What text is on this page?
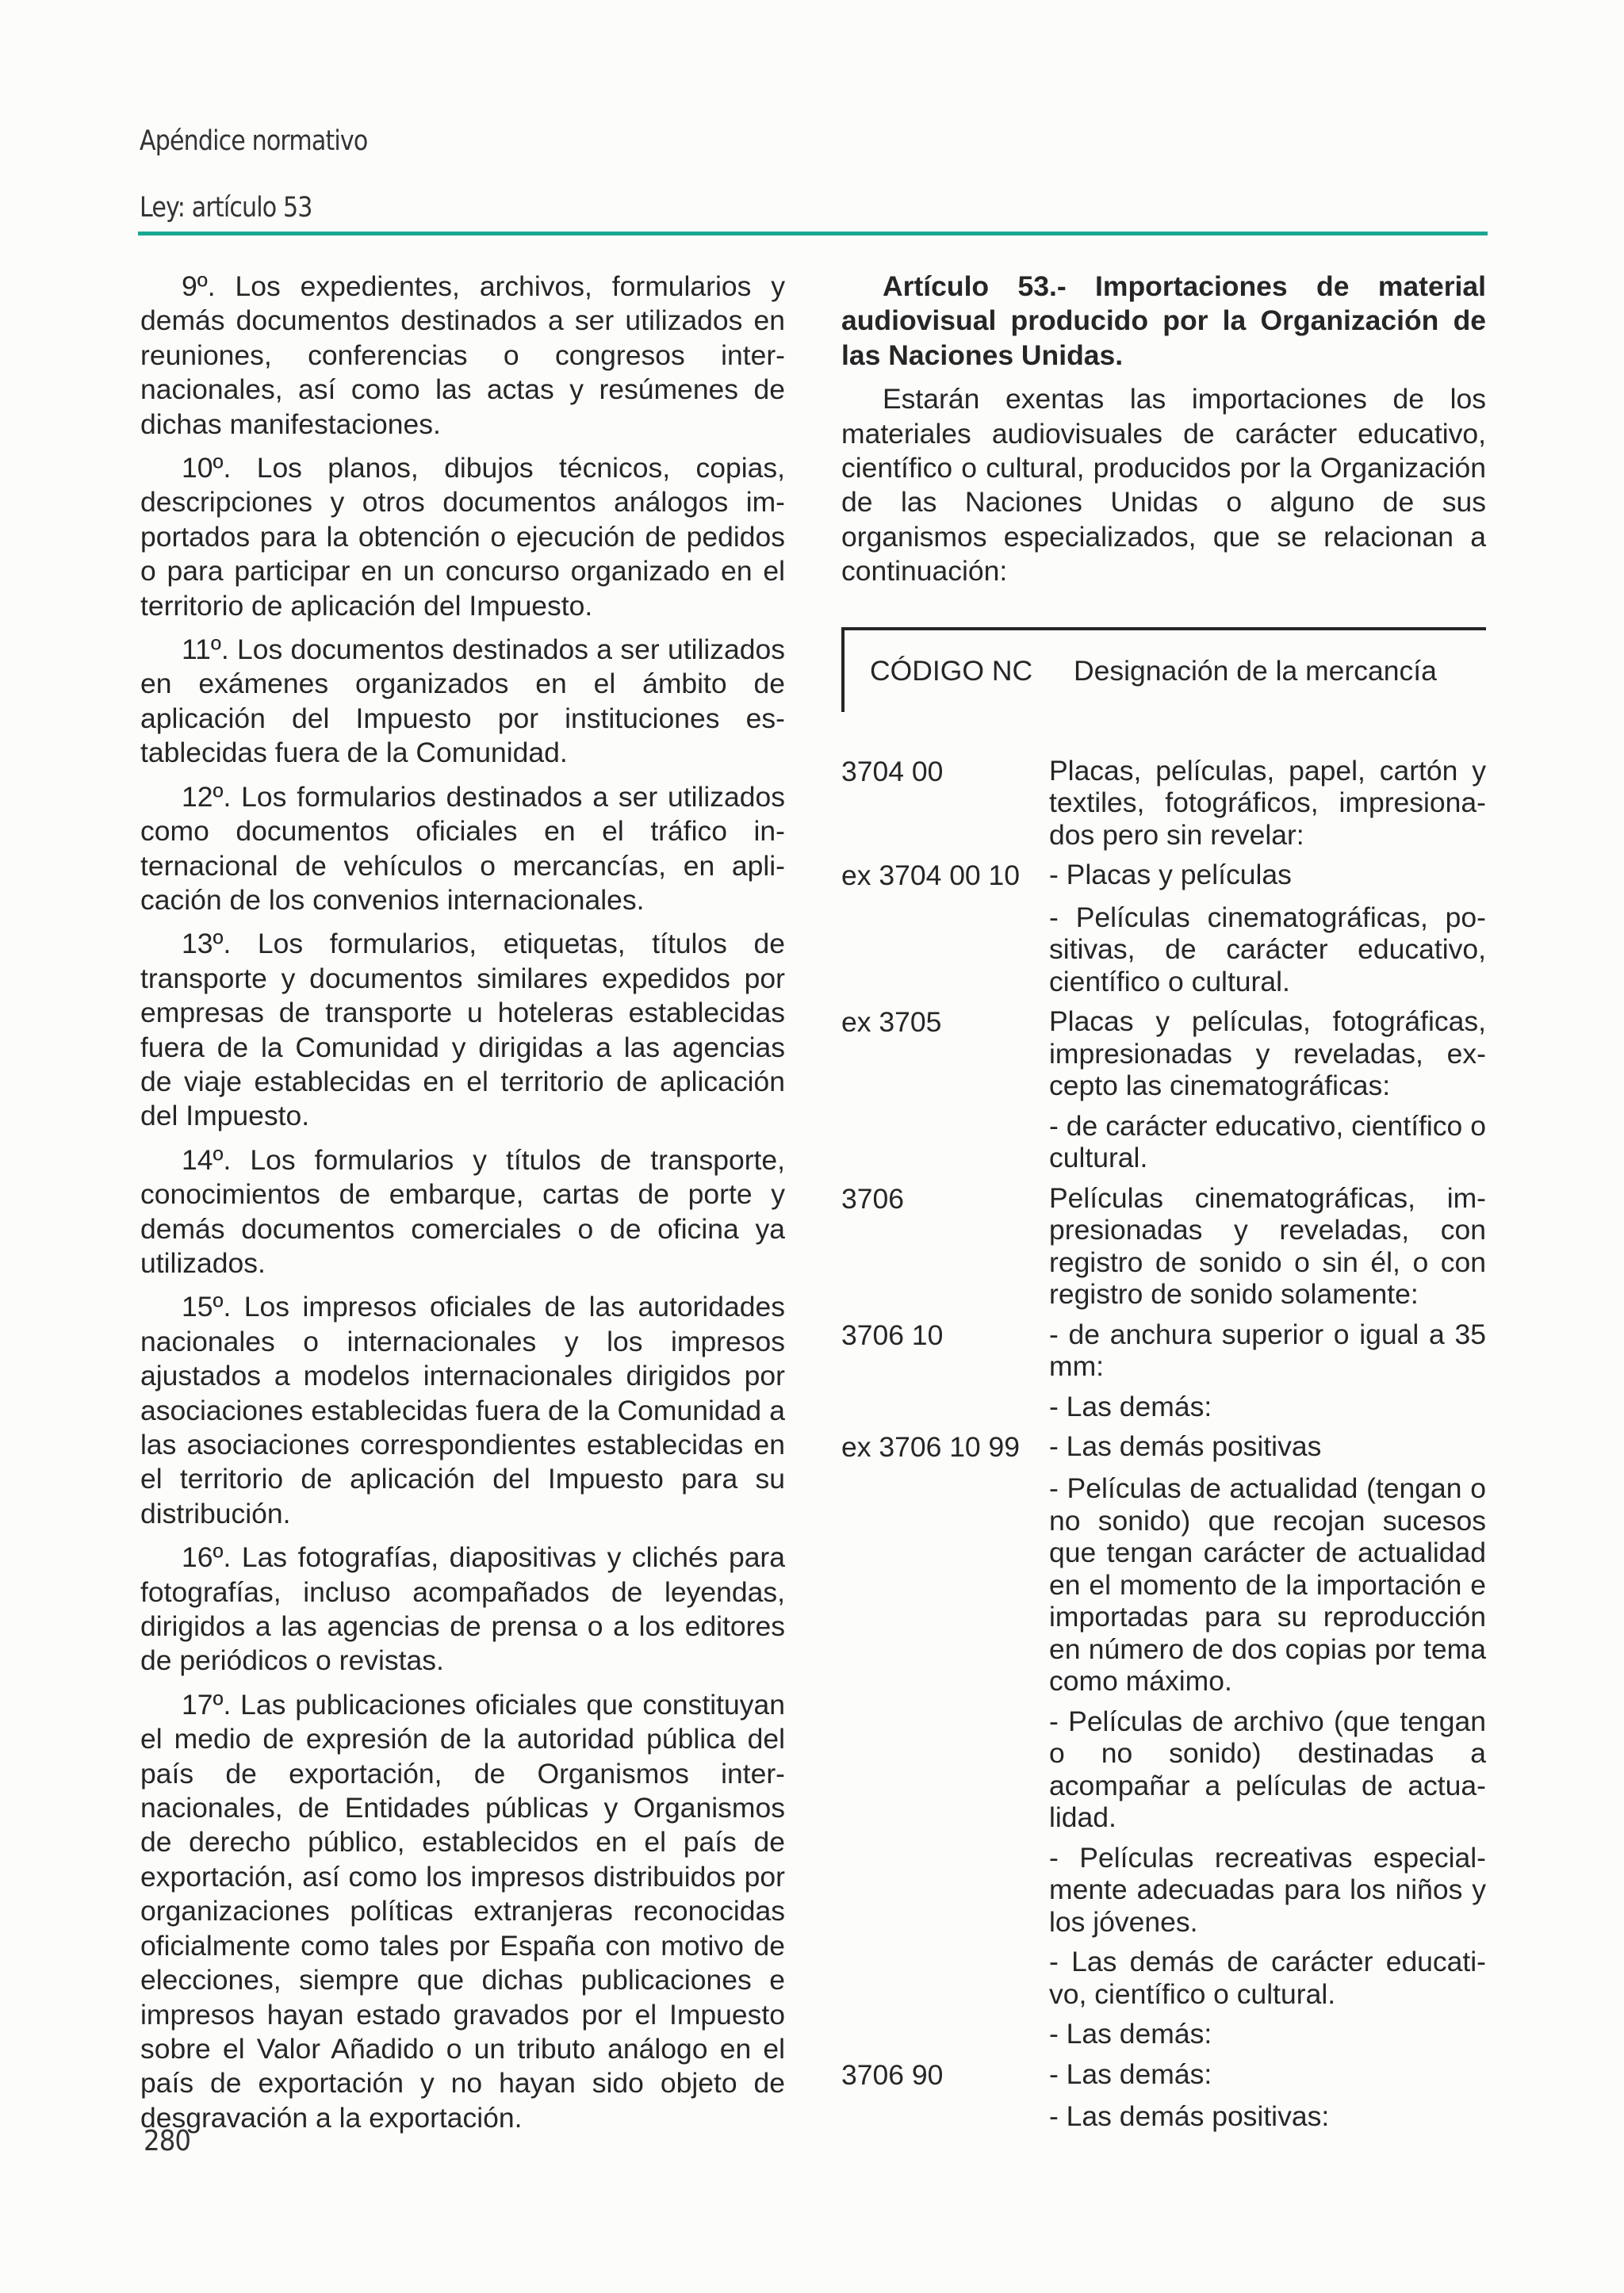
Apéndice normativo
Ley: artículo 53

9º. Los expedientes, archivos, formularios y demás documentos destinados a ser utilizados en reuniones, conferencias o congresos internacionales, así como las actas y resúmenes de dichas manifestaciones.

10º. Los planos, dibujos técnicos, copias, descripciones y otros documentos análogos importados para la obtención o ejecución de pedidos o para participar en un concurso organizado en el territorio de aplicación del Impuesto.

11º. Los documentos destinados a ser utilizados en exámenes organizados en el ámbito de aplicación del Impuesto por instituciones establecidas fuera de la Comunidad.

12º. Los formularios destinados a ser utilizados como documentos oficiales en el tráfico internacional de vehículos o mercancías, en aplicación de los convenios internacionales.

13º. Los formularios, etiquetas, títulos de transporte y documentos similares expedidos por empresas de transporte u hoteleras establecidas fuera de la Comunidad y dirigidas a las agencias de viaje establecidas en el territorio de aplicación del Impuesto.

14º. Los formularios y títulos de transporte, conocimientos de embarque, cartas de porte y demás documentos comerciales o de oficina ya utilizados.

15º. Los impresos oficiales de las autoridades nacionales o internacionales y los impresos ajustados a modelos internacionales dirigidos por asociaciones establecidas fuera de la Comunidad a las asociaciones correspondientes establecidas en el territorio de aplicación del Impuesto para su distribución.

16º. Las fotografías, diapositivas y clichés para fotografías, incluso acompañados de leyendas, dirigidos a las agencias de prensa o a los editores de periódicos o revistas.

17º. Las publicaciones oficiales que constituyan el medio de expresión de la autoridad pública del país de exportación, de Organismos internacionales, de Entidades públicas y Organismos de derecho público, establecidos en el país de exportación, así como los impresos distribuidos por organizaciones políticas extranjeras reconocidas oficialmente como tales por España con motivo de elecciones, siempre que dichas publicaciones e impresos hayan estado gravados por el Impuesto sobre el Valor Añadido o un tributo análogo en el país de exportación y no hayan sido objeto de desgravación a la exportación.

Artículo 53.- Importaciones de material audiovisual producido por la Organización de las Naciones Unidas.

Estarán exentas las importaciones de los materiales audiovisuales de carácter educativo, científico o cultural, producidos por la Organización de las Naciones Unidas o alguno de sus organismos especializados, que se relacionan a continuación:

CÓDIGO NC Designación de la mercancía
3704 00	Placas, películas, papel, cartón y textiles, fotográficos, impresionados pero sin revelar:
ex 3704 00 10	- Placas y películas
- Películas cinematográficas, positivas, de carácter educativo, científico o cultural.
ex 3705	Placas y películas, fotográficas, impresionadas y reveladas, excepto las cinematográficas:
- de carácter educativo, científico o cultural.
3706	Películas cinematográficas, impresionadas y reveladas, con registro de sonido o sin él, o con registro de sonido solamente:
3706 10	- de anchura superior o igual a 35 mm:
- Las demás:
ex 3706 10 99	- Las demás positivas
- Películas de actualidad (tengan o no sonido) que recojan sucesos que tengan carácter de actualidad en el momento de la importación e importadas para su reproducción en número de dos copias por tema como máximo.
- Películas de archivo (que tengan o no sonido) destinadas a acompañar a películas de actualidad.
- Películas recreativas especialmente adecuadas para los niños y los jóvenes.
- Las demás de carácter educativo, científico o cultural.
- Las demás:
3706 90	- Las demás:
- Las demás positivas:
280
